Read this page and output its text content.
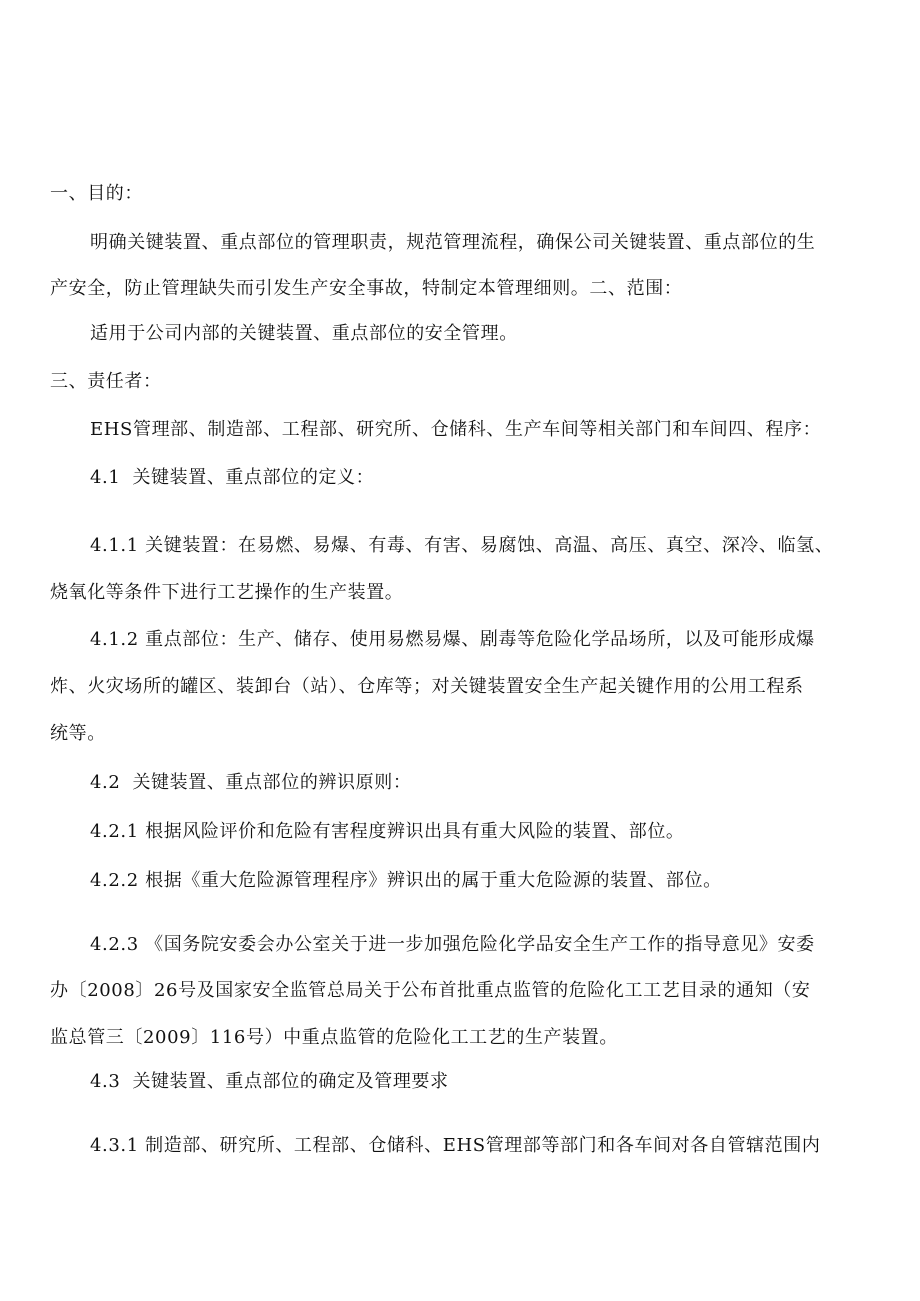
一、目的：
明确关键装置、重点部位的管理职责，规范管理流程，确保公司关键装置、重点部位的生
产安全，防止管理缺失而引发生产安全事故，特制定本管理细则。二、范围：
适用于公司内部的关键装置、重点部位的安全管理。
三、责任者：
EHS管理部、制造部、工程部、研究所、仓储科、生产车间等相关部门和车间四、程序：
4.1 关键装置、重点部位的定义：
4.1.1 关键装置：在易燃、易爆、有毒、有害、易腐蚀、高温、高压、真空、深冷、临氢、
烧氧化等条件下进行工艺操作的生产装置。
4.1.2 重点部位：生产、储存、使用易燃易爆、剧毒等危险化学品场所，以及可能形成爆
炸、火灾场所的罐区、装卸台（站）、仓库等；对关键装置安全生产起关键作用的公用工程系
统等。
4.2 关键装置、重点部位的辨识原则：
4.2.1 根据风险评价和危险有害程度辨识出具有重大风险的装置、部位。
4.2.2 根据《重大危险源管理程序》辨识出的属于重大危险源的装置、部位。
4.2.3 《国务院安委会办公室关于进一步加强危险化学品安全生产工作的指导意见》安委
办〔2008〕26号及国家安全监管总局关于公布首批重点监管的危险化工工艺目录的通知（安
监总管三〔2009〕116号）中重点监管的危险化工工艺的生产装置。
4.3 关键装置、重点部位的确定及管理要求
4.3.1 制造部、研究所、工程部、仓储科、EHS管理部等部门和各车间对各自管辖范围内
